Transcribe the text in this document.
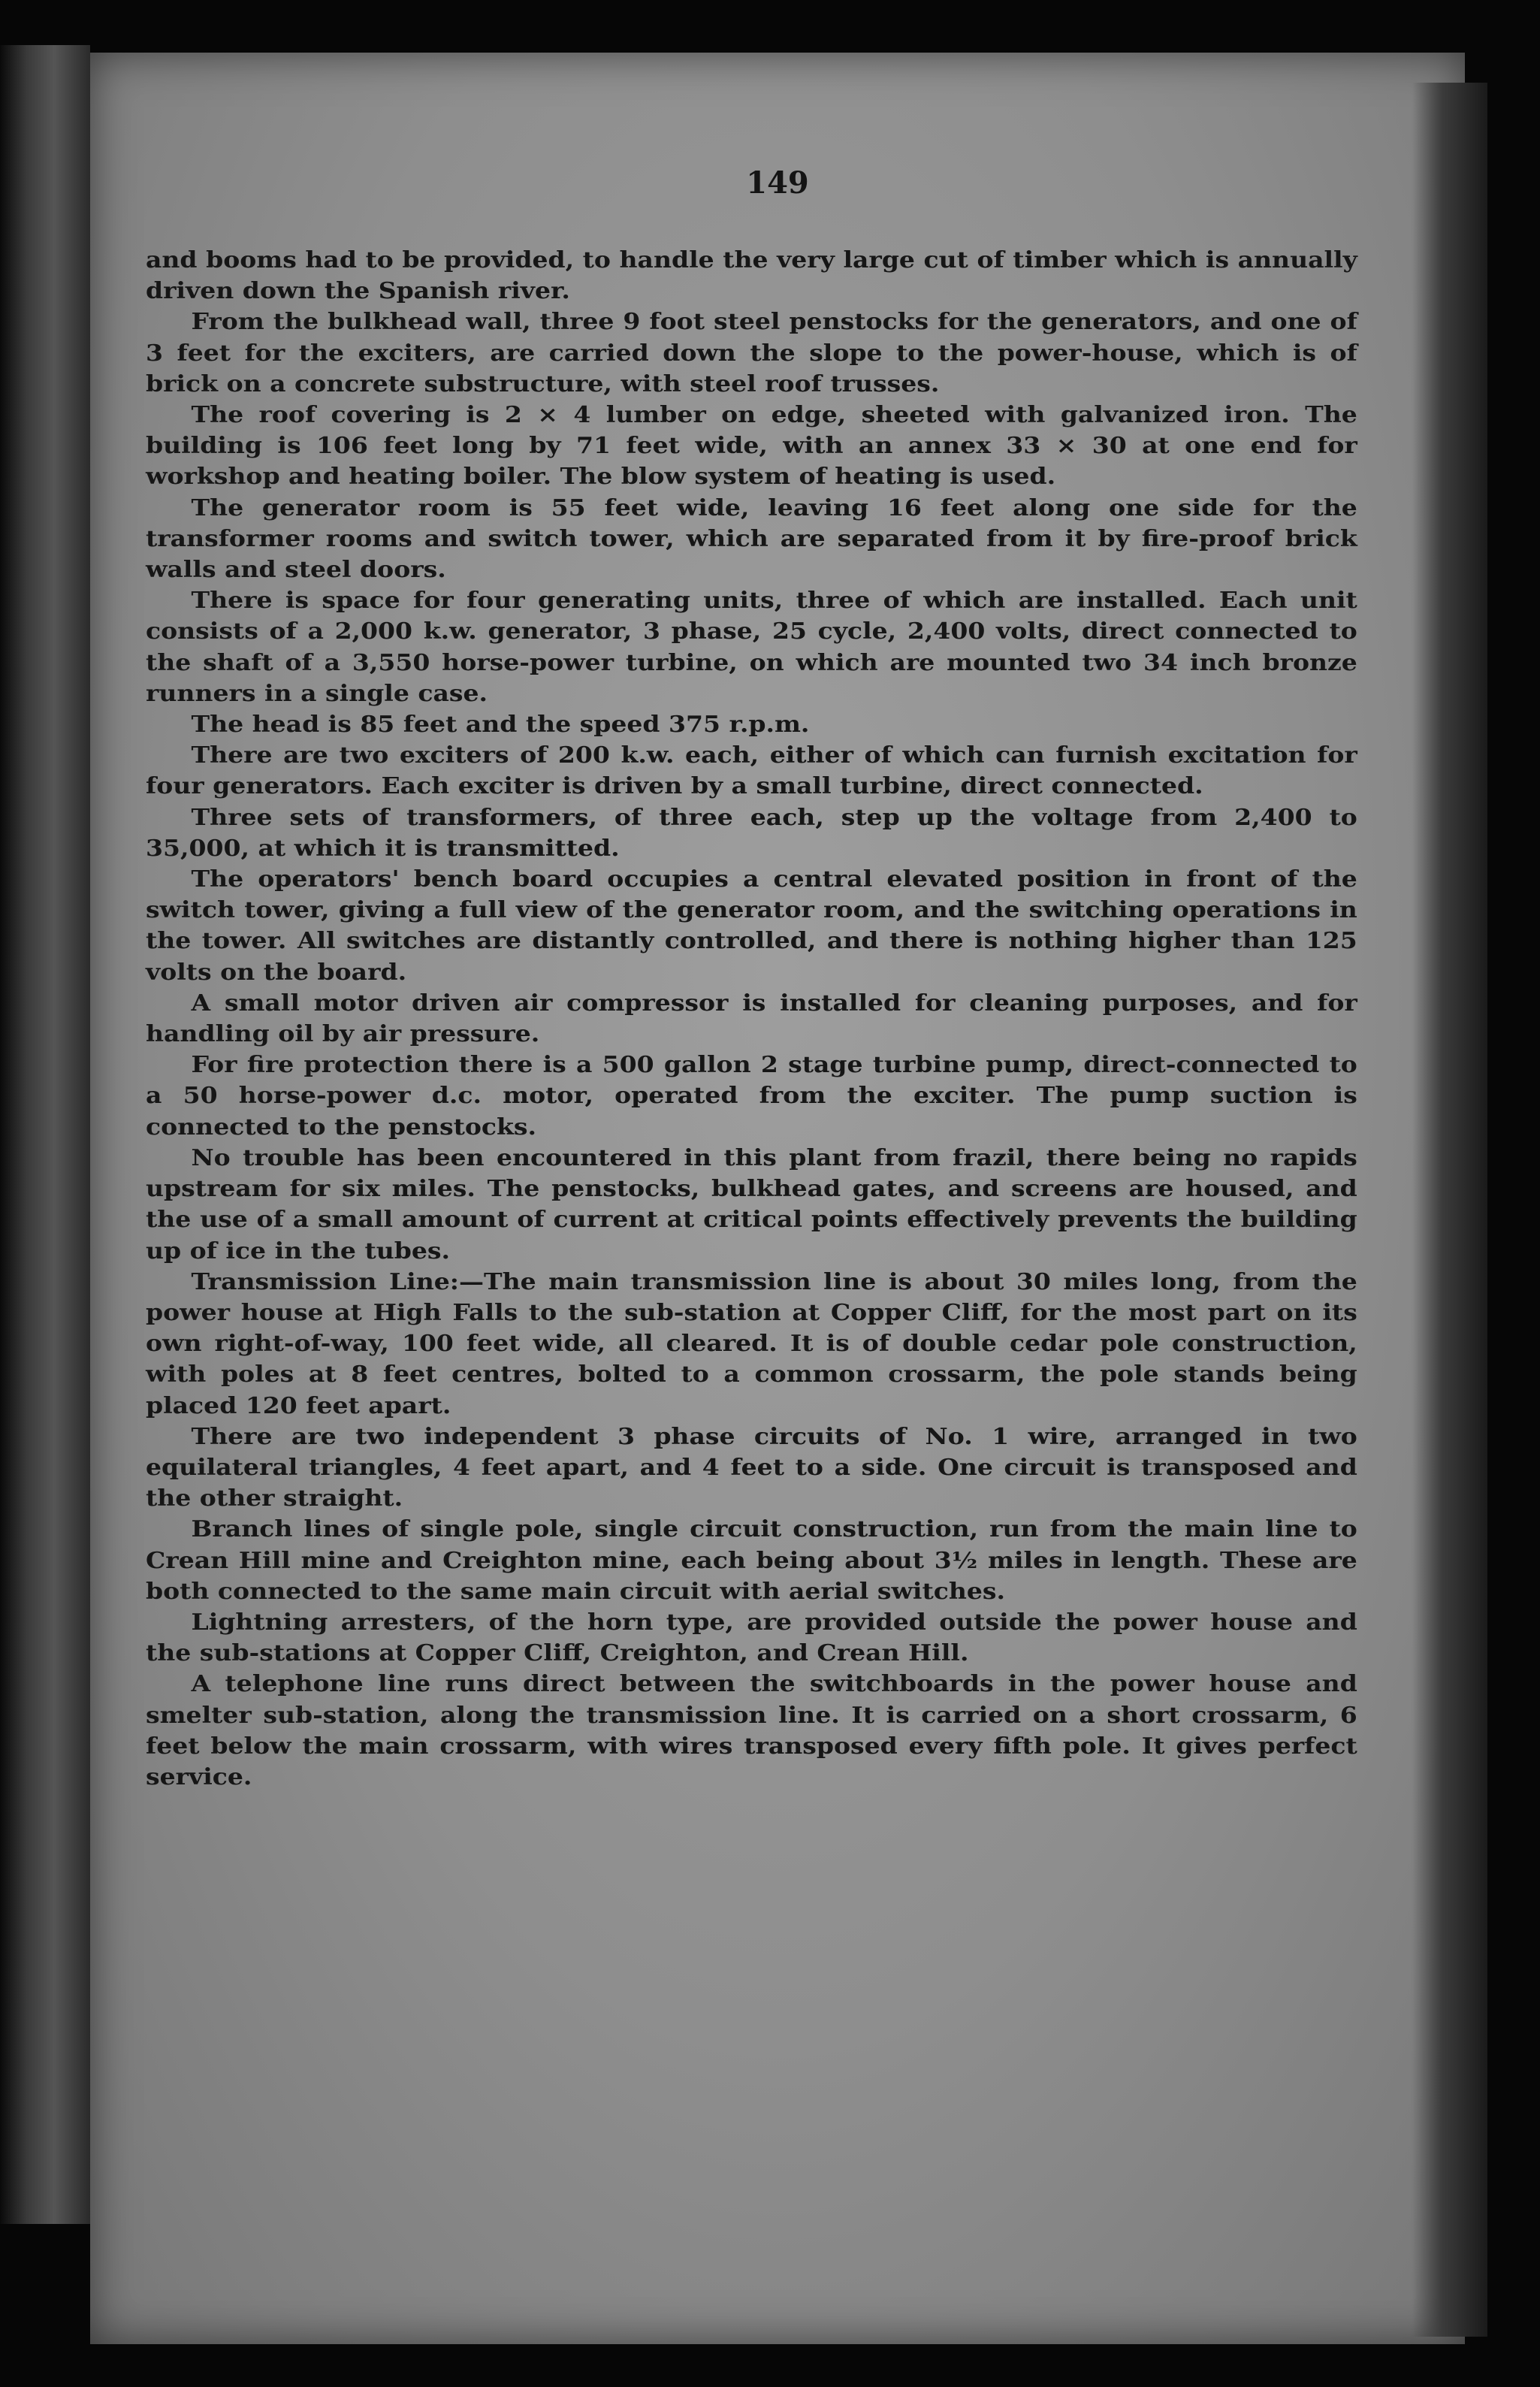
149

and booms had to be provided, to handle the very large cut of timber which is annually driven down the Spanish river.

From the bulkhead wall, three 9 foot steel penstocks for the generators, and one of 3 feet for the exciters, are carried down the slope to the power-house, which is of brick on a concrete substructure, with steel roof trusses.

The roof covering is 2 × 4 lumber on edge, sheeted with galvanized iron. The building is 106 feet long by 71 feet wide, with an annex 33 × 30 at one end for workshop and heating boiler. The blow system of heating is used.

The generator room is 55 feet wide, leaving 16 feet along one side for the transformer rooms and switch tower, which are separated from it by fire-proof brick walls and steel doors.

There is space for four generating units, three of which are installed. Each unit consists of a 2,000 k.w. generator, 3 phase, 25 cycle, 2,400 volts, direct connected to the shaft of a 3,550 horse-power turbine, on which are mounted two 34 inch bronze runners in a single case.

The head is 85 feet and the speed 375 r.p.m.

There are two exciters of 200 k.w. each, either of which can furnish excitation for four generators. Each exciter is driven by a small turbine, direct connected.

Three sets of transformers, of three each, step up the voltage from 2,400 to 35,000, at which it is transmitted.

The operators' bench board occupies a central elevated position in front of the switch tower, giving a full view of the generator room, and the switching operations in the tower. All switches are distantly controlled, and there is nothing higher than 125 volts on the board.

A small motor driven air compressor is installed for cleaning purposes, and for handling oil by air pressure.

For fire protection there is a 500 gallon 2 stage turbine pump, direct-connected to a 50 horse-power d.c. motor, operated from the exciter. The pump suction is connected to the penstocks.

No trouble has been encountered in this plant from frazil, there being no rapids upstream for six miles. The penstocks, bulkhead gates, and screens are housed, and the use of a small amount of current at critical points effectively prevents the building up of ice in the tubes.

Transmission Line:—The main transmission line is about 30 miles long, from the power house at High Falls to the sub-station at Copper Cliff, for the most part on its own right-of-way, 100 feet wide, all cleared. It is of double cedar pole construction, with poles at 8 feet centres, bolted to a common crossarm, the pole stands being placed 120 feet apart.

There are two independent 3 phase circuits of No. 1 wire, arranged in two equilateral triangles, 4 feet apart, and 4 feet to a side. One circuit is transposed and the other straight.

Branch lines of single pole, single circuit construction, run from the main line to Crean Hill mine and Creighton mine, each being about 3½ miles in length. These are both connected to the same main circuit with aerial switches.

Lightning arresters, of the horn type, are provided outside the power house and the sub-stations at Copper Cliff, Creighton, and Crean Hill.

A telephone line runs direct between the switchboards in the power house and smelter sub-station, along the transmission line. It is carried on a short crossarm, 6 feet below the main crossarm, with wires transposed every fifth pole. It gives perfect service.
